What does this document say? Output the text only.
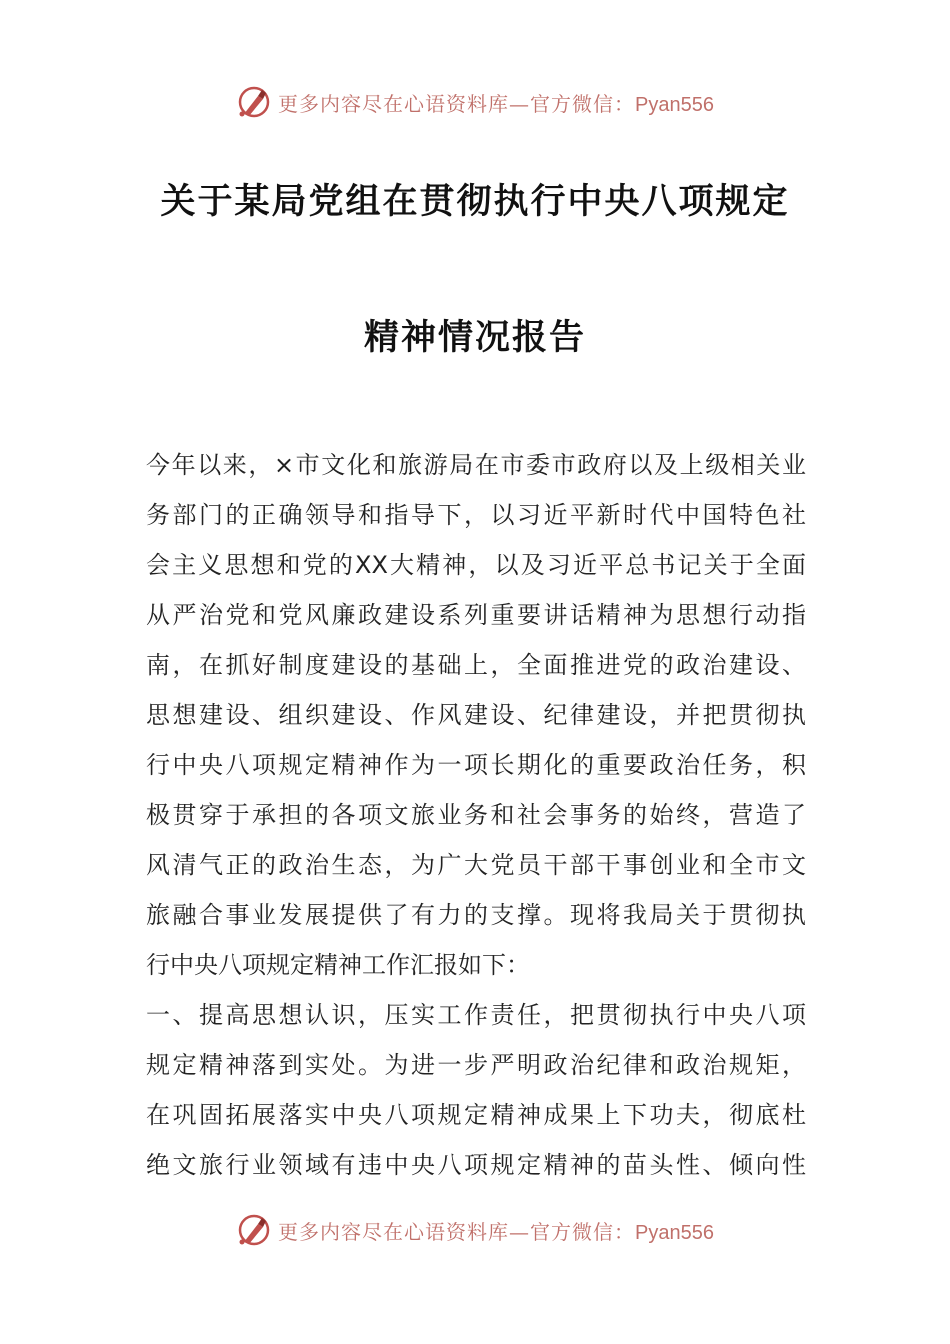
更多内容尽在心语资料库—官方微信：Pyan556
关于某局党组在贯彻执行中央八项规定
精神情况报告
今年以来，×市文化和旅游局在市委市政府以及上级相关业
务部门的正确领导和指导下，以习近平新时代中国特色社
会主义思想和党的XX大精神，以及习近平总书记关于全面
从严治党和党风廉政建设系列重要讲话精神为思想行动指
南，在抓好制度建设的基础上，全面推进党的政治建设、
思想建设、组织建设、作风建设、纪律建设，并把贯彻执
行中央八项规定精神作为一项长期化的重要政治任务，积
极贯穿于承担的各项文旅业务和社会事务的始终，营造了
风清气正的政治生态，为广大党员干部干事创业和全市文
旅融合事业发展提供了有力的支撑。现将我局关于贯彻执
行中央八项规定精神工作汇报如下：
一、提高思想认识，压实工作责任，把贯彻执行中央八项
规定精神落到实处。为进一步严明政治纪律和政治规矩，
在巩固拓展落实中央八项规定精神成果上下功夫，彻底杜
绝文旅行业领域有违中央八项规定精神的苗头性、倾向性
更多内容尽在心语资料库—官方微信：Pyan556
